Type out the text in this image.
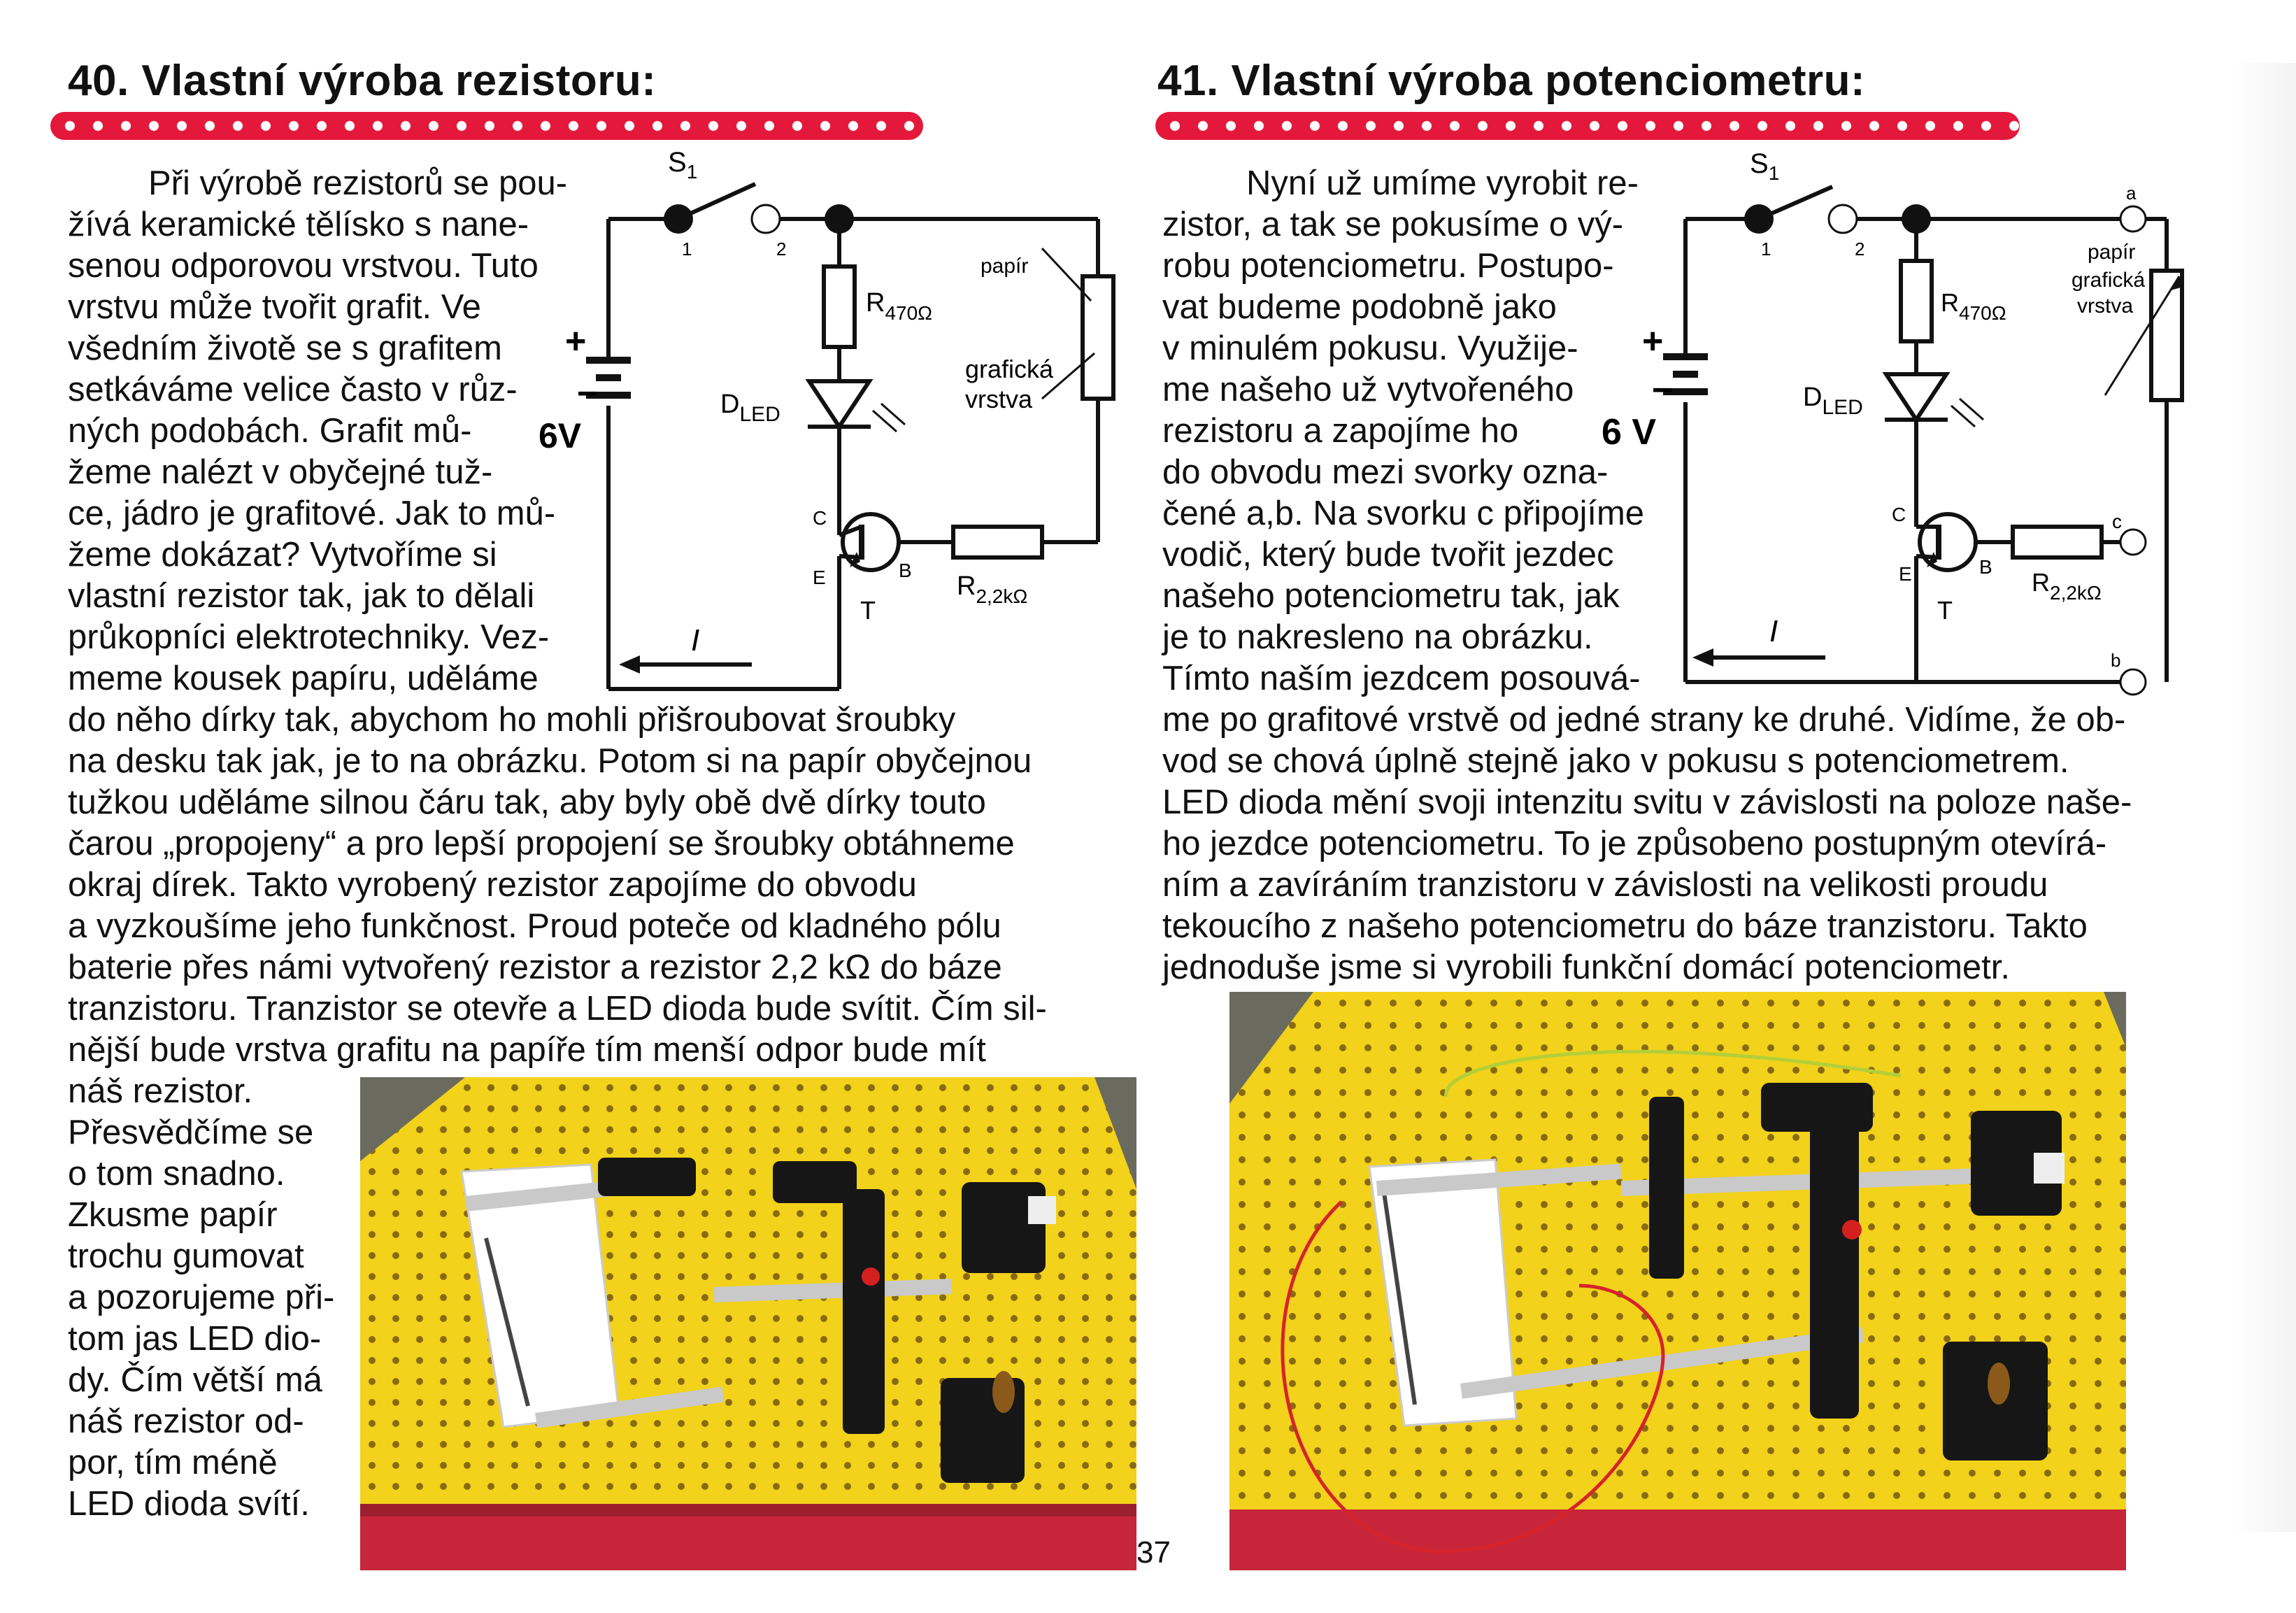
40. Vlastní výroba rezistoru:
Při výrobě rezistorů se pou-
žívá keramické tělísko s nane-
senou odporovou vrstvou. Tuto
vrstvu může tvořit grafit. Ve
všedním životě se s grafitem
setkáváme velice často v růz-
ných podobách. Grafit mů-
žeme nalézt v obyčejné tuž-
ce, jádro je grafitové. Jak to mů-
žeme dokázat? Vytvoříme si
vlastní rezistor tak, jak to dělali
průkopníci elektrotechniky. Vez-
meme kousek papíru, uděláme
do něho dírky tak, abychom ho mohli přišroubovat šroubky
na desku tak jak, je to na obrázku. Potom si na papír obyčejnou
tužkou uděláme silnou čáru tak, aby byly obě dvě dírky touto
čarou „propojeny“ a pro lepší propojení se šroubky obtáhneme
okraj dírek. Takto vyrobený rezistor zapojíme do obvodu
a vyzkoušíme jeho funkčnost. Proud poteče od kladného pólu
baterie přes námi vytvořený rezistor a rezistor 2,2 kΩ do báze
tranzistoru. Tranzistor se otevře a LED dioda bude svítit. Čím sil-
nější bude vrstva grafitu na papíře tím menší odpor bude mít
náš rezistor.
Přesvědčíme se
o tom snadno.
Zkusme papír
trochu gumovat
a pozorujeme při-
tom jas LED dio-
dy. Čím větší má
náš rezistor od-
por, tím méně
LED dioda svítí.
$S_1$
1	2
$R_{470\Omega}$
papír
grafická
vrstva
$D_{LED}$
+
−
6V
C
E	B
T
$R_{2,2k\Omega}$
I
37
41. Vlastní výroba potenciometru:
Nyní už umíme vyrobit re-
zistor, a tak se pokusíme o vý-
robu potenciometru. Postupo-
vat budeme podobně jako
v minulém pokusu. Využije-
me našeho už vytvořeného
rezistoru a zapojíme ho
do obvodu mezi svorky ozna-
čené a,b. Na svorku c připojíme
vodič, který bude tvořit jezdec
našeho potenciometru tak, jak
je to nakresleno na obrázku.
Tímto naším jezdcem posouvá-
me po grafitové vrstvě od jedné strany ke druhé. Vidíme, že ob-
vod se chová úplně stejně jako v pokusu s potenciometrem.
LED dioda mění svoji intenzitu svitu v závislosti na poloze naše-
ho jezdce potenciometru. To je způsobeno postupným otevírá-
ním a zavíráním tranzistoru v závislosti na velikosti proudu
tekoucího z našeho potenciometru do báze tranzistoru. Takto
jednoduše jsme si vyrobili funkční domácí potenciometr.
$S_1$
1	2
$R_{470\Omega}$
a
papír
grafická
vrstva
$D_{LED}$
+
−
6 V
C	c
E	B
T
$R_{2,2k\Omega}$
b
I
